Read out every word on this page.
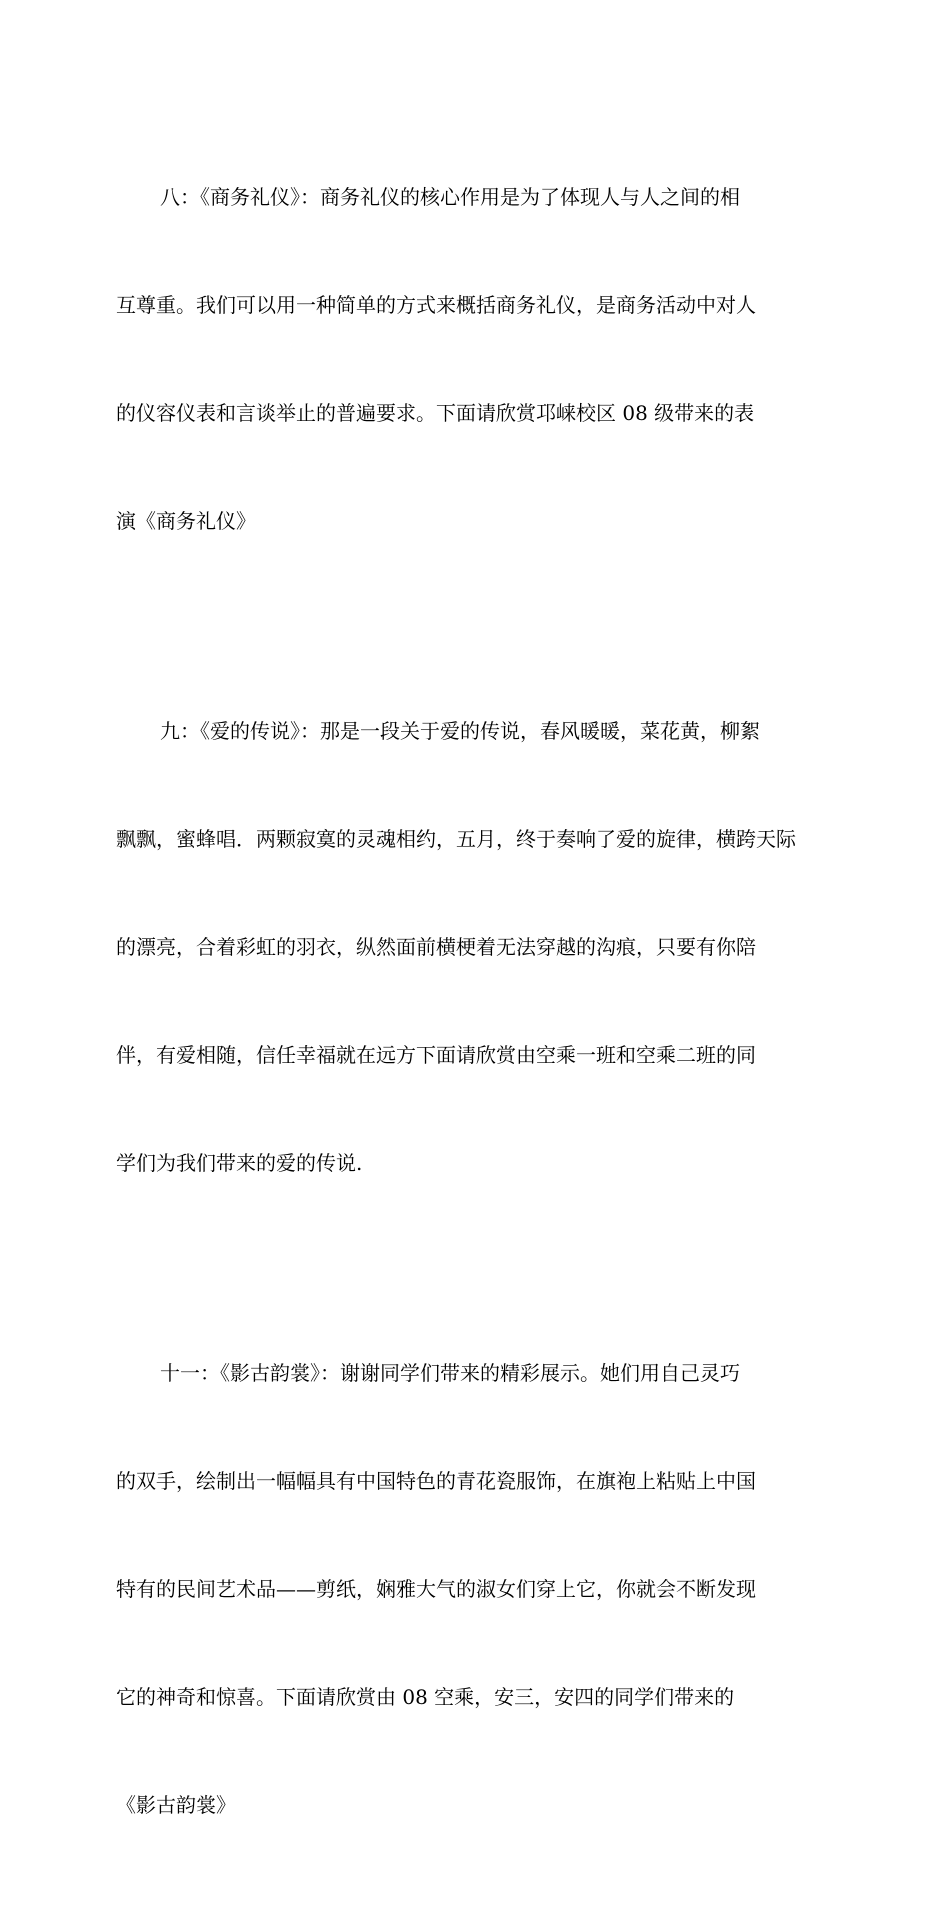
八：《商务礼仪》：商务礼仪的核心作用是为了体现人与人之间的相

互尊重。我们可以用一种简单的方式来概括商务礼仪，是商务活动中对人

的仪容仪表和言谈举止的普遍要求。下面请欣赏邛崃校区 08 级带来的表

演《商务礼仪》

九：《爱的传说》：那是一段关于爱的传说，春风暖暖，菜花黄，柳絮

飘飘，蜜蜂唱．两颗寂寞的灵魂相约，五月，终于奏响了爱的旋律，横跨天际

的漂亮，合着彩虹的羽衣，纵然面前横梗着无法穿越的沟痕，只要有你陪

伴，有爱相随，信任幸福就在远方下面请欣赏由空乘一班和空乘二班的同

学们为我们带来的爱的传说.

十一：《影古韵裳》：谢谢同学们带来的精彩展示。她们用自己灵巧

的双手，绘制出一幅幅具有中国特色的青花瓷服饰，在旗袍上粘贴上中国

特有的民间艺术品——剪纸，娴雅大气的淑女们穿上它，你就会不断发现

它的神奇和惊喜。下面请欣赏由 08 空乘，安三，安四的同学们带来的

《影古韵裳》
